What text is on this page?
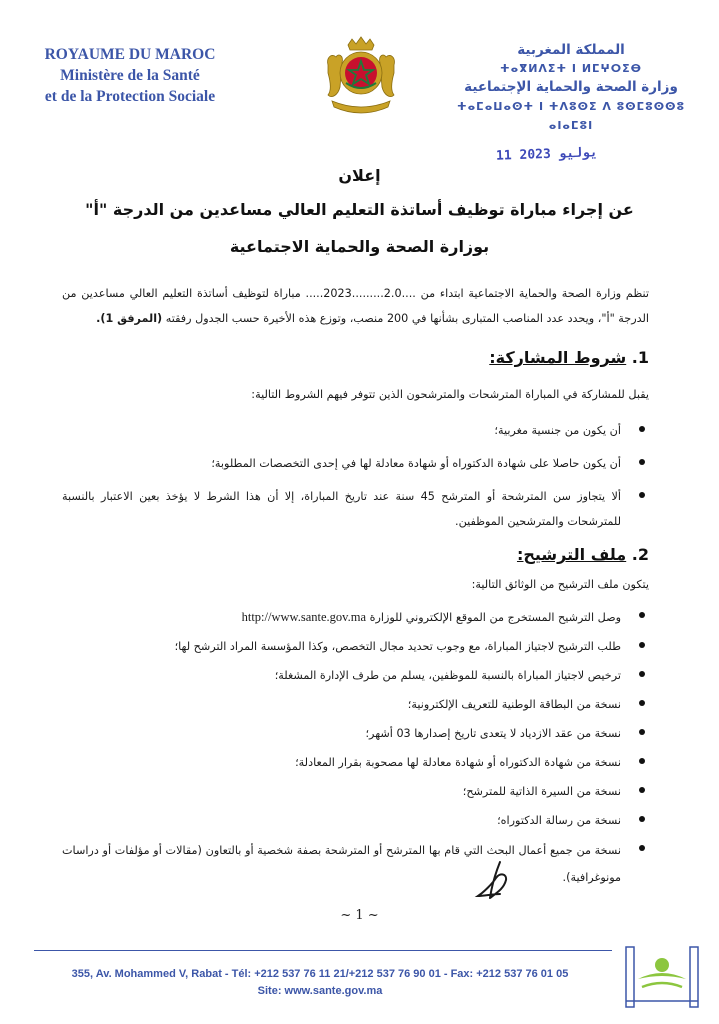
ROYAUME DU MAROC
Ministère de la Santé
et de la Protection Sociale
المملكة المغربية
ⵜⴰⴳⵍⴷⵉⵜ ⵏ ⵍⵎⵖⵔⵉⴱ
وزارة الصحة والحماية الإجتماعية
ⵜⴰⵎⴰⵡⴰⵙⵜ ⵏ ⵜⴷⵓⵙⵉ ⴷ ⵓⵙⵎⵓⵙⵙⵓ ⴰⵏⴰⵎⵓⵏ
11 يوليو 2023
إعلان
عن إجراء مباراة توظيف أساتذة التعليم العالي مساعدين من الدرجة "أ"
بوزارة الصحة والحماية الاجتماعية
تنظم وزارة الصحة والحماية الاجتماعية ابتداء من ....2.0.........2023..... مباراة لتوظيف أساتذة التعليم العالي مساعدين من الدرجة "أ"، ويحدد عدد المناصب المتبارى بشأنها في 200 منصب، وتوزع هذه الأخيرة حسب الجدول رفقته (المرفق 1).
1. شروط المشاركة:
يقبل للمشاركة في المباراة المترشحات والمترشحون الذين تتوفر فيهم الشروط التالية:
أن يكون من جنسية مغربية؛
أن يكون حاصلا على شهادة الدكتوراه أو شهادة معادلة لها في إحدى التخصصات المطلوبة؛
ألا يتجاوز سن المترشحة أو المترشح 45 سنة عند تاريخ المباراة، إلا أن هذا الشرط لا يؤخذ بعين الاعتبار بالنسبة للمترشحات والمترشحين الموظفين.
2. ملف الترشيح:
يتكون ملف الترشيح من الوثائق التالية:
وصل الترشيح المستخرج من الموقع الإلكتروني للوزارة http://www.sante.gov.ma
طلب الترشيح لاجتياز المباراة، مع وجوب تحديد مجال التخصص، وكذا المؤسسة المراد الترشح لها؛
ترخيص لاجتياز المباراة بالنسبة للموظفين، يسلم من طرف الإدارة المشغلة؛
نسخة من البطاقة الوطنية للتعريف الإلكترونية؛
نسخة من عقد الازدياد لا يتعدى تاريخ إصدارها 03 أشهر؛
نسخة من شهادة الدكتوراه أو شهادة معادلة لها مصحوبة بقرار المعادلة؛
نسخة من السيرة الذاتية للمترشح؛
نسخة من رسالة الدكتوراه؛
نسخة من جميع أعمال البحث التي قام بها المترشح أو المترشحة بصفة شخصية أو بالتعاون (مقالات أو مؤلفات أو دراسات مونوغرافية).
~ 1 ~
355, Av. Mohammed V, Rabat - Tél: +212 537 76 11 21/+212 537 76 90 01 - Fax: +212 537 76 01 05
Site: www.sante.gov.ma
